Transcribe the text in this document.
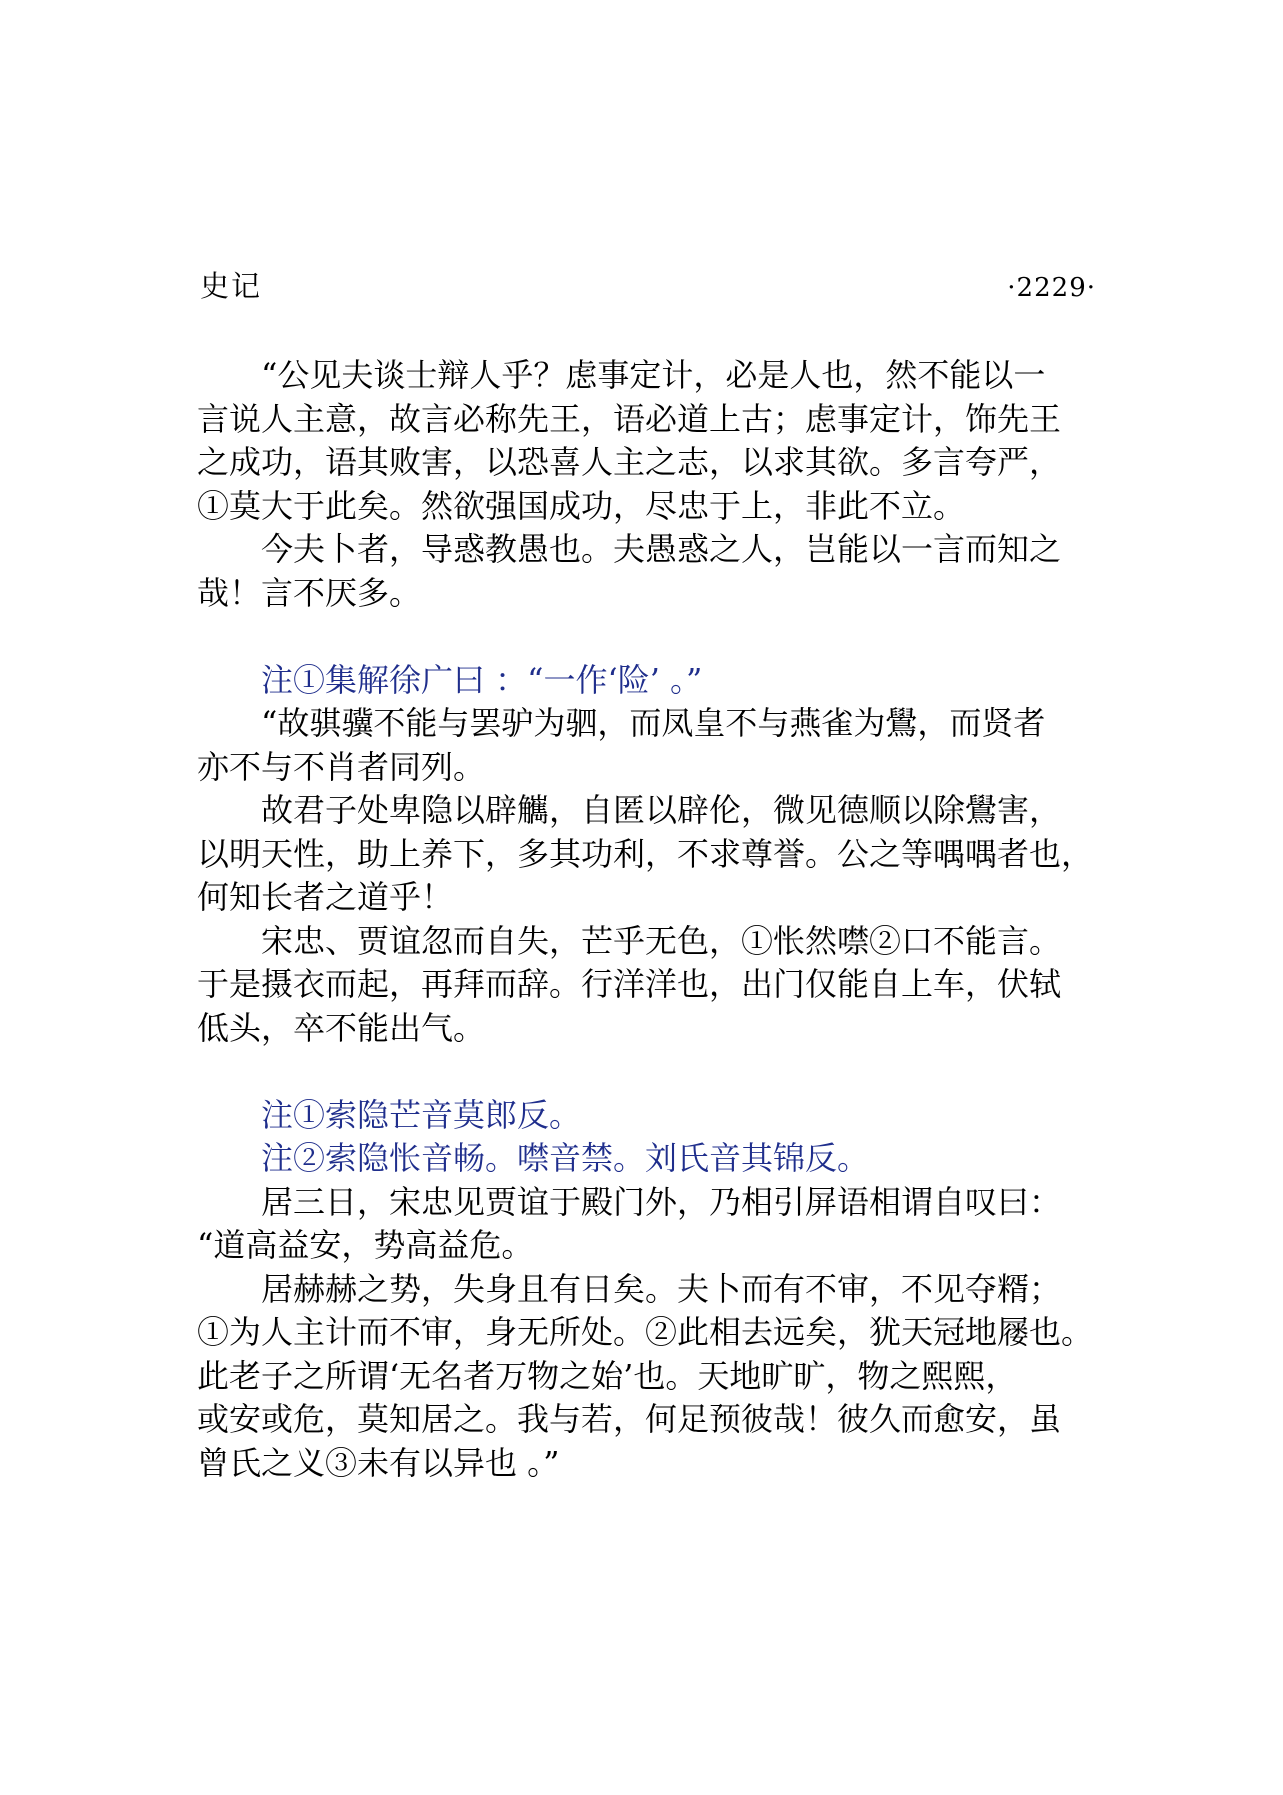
史记	·2229·
“公见夫谈士辩人乎？虑事定计，必是人也，然不能以一
言说人主意，故言必称先王，语必道上古；虑事定计，饰先王
之成功，语其败害，以恐喜人主之志，以求其欲。多言夸严，
①莫大于此矣。然欲强国成功，尽忠于上，非此不立。
今夫卜者，导惑教愚也。夫愚惑之人，岂能以一言而知之
哉！言不厌多。
注①集解徐广曰 ：“一作‘险’ 。”
“故骐骥不能与罢驴为驷，而凤皇不与燕雀为鷽，而贤者
亦不与不肖者同列。
故君子处卑隐以辟觽，自匿以辟伦，微见德顺以除鷽害，
以明天性，助上养下，多其功利，不求尊誉。公之等喁喁者也，
何知长者之道乎！
宋忠、贾谊忽而自失，芒乎无色，①怅然噤②口不能言。
于是摄衣而起，再拜而辞。行洋洋也，出门仅能自上车，伏轼
低头，卒不能出气。
注①索隐芒音莫郎反。
注②索隐怅音畅。噤音禁。刘氏音其锦反。
居三日，宋忠见贾谊于殿门外，乃相引屏语相谓自叹曰：
“道高益安，势高益危。
居赫赫之势，失身且有日矣。夫卜而有不审，不见夺糈；
①为人主计而不审，身无所处。②此相去远矣，犹天冠地屦也。
此老子之所谓‘无名者万物之始’也。天地旷旷，物之熙熙，
或安或危，莫知居之。我与若，何足预彼哉！彼久而愈安，虽
曾氏之义③未有以异也 。”
